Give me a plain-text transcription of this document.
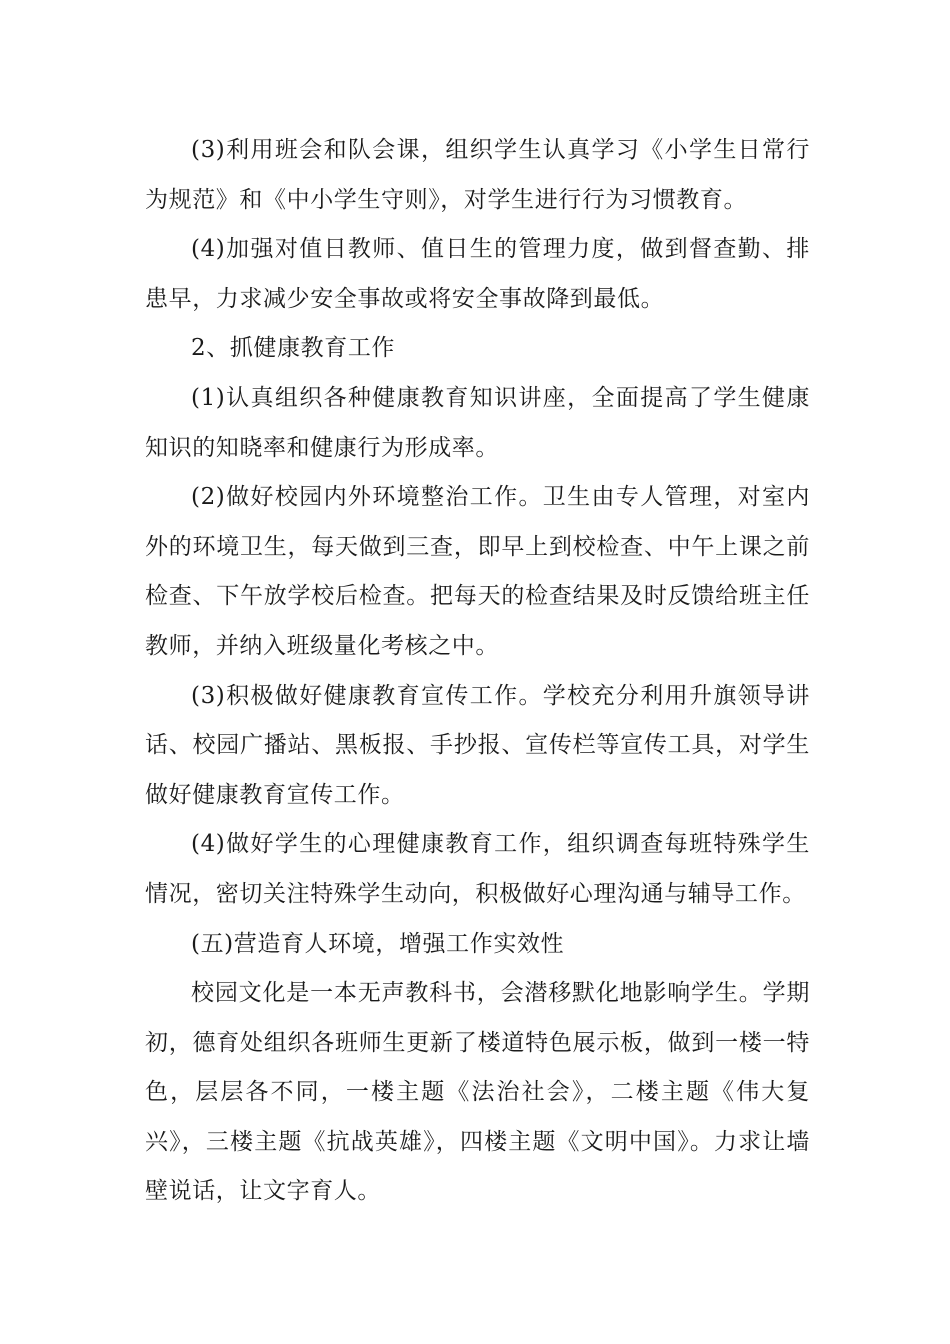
(3)利用班会和队会课，组织学生认真学习《小学生日常行为规范》和《中小学生守则》，对学生进行行为习惯教育。

(4)加强对值日教师、值日生的管理力度，做到督查勤、排患早，力求减少安全事故或将安全事故降到最低。

2、抓健康教育工作

(1)认真组织各种健康教育知识讲座，全面提高了学生健康知识的知晓率和健康行为形成率。

(2)做好校园内外环境整治工作。卫生由专人管理，对室内外的环境卫生，每天做到三查，即早上到校检查、中午上课之前检查、下午放学校后检查。把每天的检查结果及时反馈给班主任教师，并纳入班级量化考核之中。

(3)积极做好健康教育宣传工作。学校充分利用升旗领导讲话、校园广播站、黑板报、手抄报、宣传栏等宣传工具，对学生做好健康教育宣传工作。

(4)做好学生的心理健康教育工作，组织调查每班特殊学生情况，密切关注特殊学生动向，积极做好心理沟通与辅导工作。

(五)营造育人环境，增强工作实效性

校园文化是一本无声教科书，会潜移默化地影响学生。学期初，德育处组织各班师生更新了楼道特色展示板，做到一楼一特色，层层各不同，一楼主题《法治社会》，二楼主题《伟大复兴》，三楼主题《抗战英雄》，四楼主题《文明中国》。力求让墙壁说话，让文字育人。
